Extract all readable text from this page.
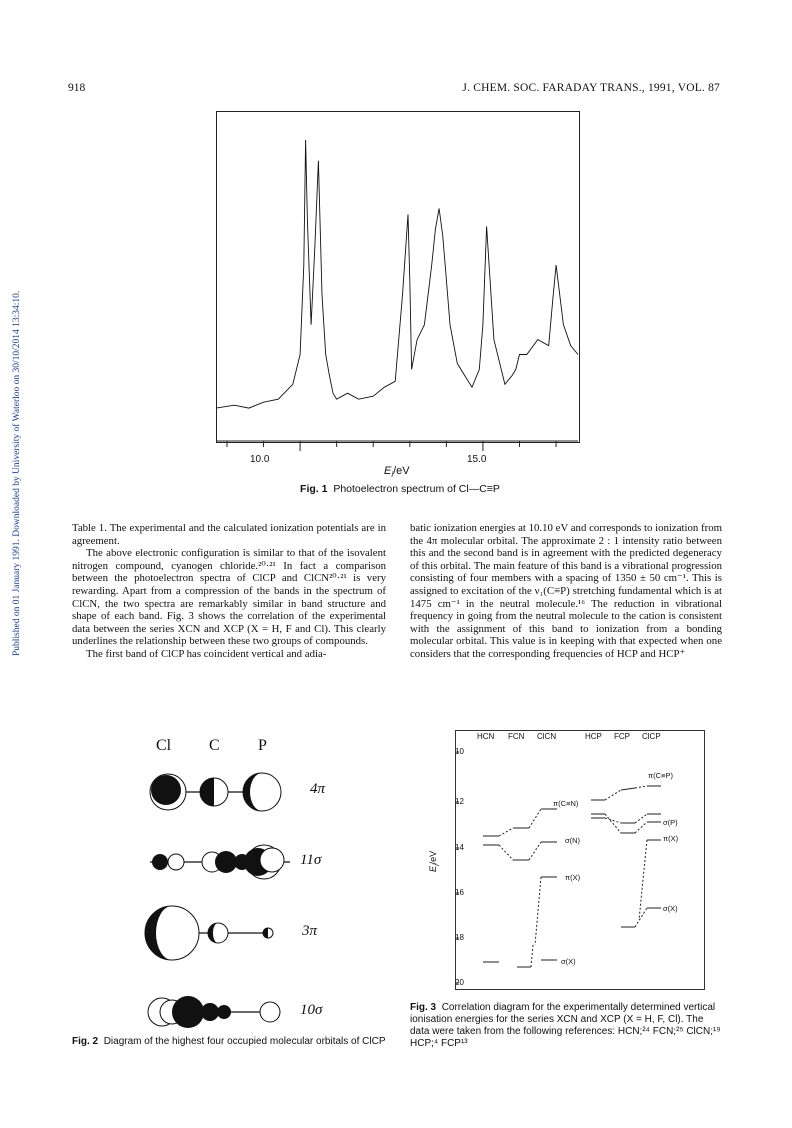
918	J. CHEM. SOC. FARADAY TRANS., 1991, VOL. 87
Published on 01 January 1991. Downloaded by University of Waterloo on 30/10/2014 13:34:10.	10.0	15.0
$E_i/eV$
Fig. 1 Photoelectron spectrum of Cl—C≡P

Table 1. The experimental and the calculated ionization potentials are in agreement.

The above electronic configuration is similar to that of the isovalent nitrogen compound, cyanogen chloride.²⁰·²¹ In fact a comparison between the photoelectron spectra of ClCP and ClCN²⁰·²¹ is very rewarding. Apart from a compression of the bands in the spectrum of ClCN, the two spectra are remarkably similar in band structure and shape of each band. Fig. 3 shows the correlation of the experimental data between the series XCN and XCP (X = H, F and Cl). This clearly underlines the relationship between these two groups of compounds.

The first band of ClCP has coincident vertical and adia-

batic ionization energies at 10.10 eV and corresponds to ionization from the 4π molecular orbital. The approximate 2 : 1 intensity ratio between this and the second band is in agreement with the predicted degeneracy of this orbital. The main feature of this band is a vibrational progression consisting of four members with a spacing of 1350 ± 50 cm⁻¹. This is assigned to excitation of the ν₁(C≡P) stretching fundamental which is at 1475 cm⁻¹ in the neutral molecule.¹⁶ The reduction in vibrational frequency in going from the neutral molecule to the cation is consistent with the assignment of this band to ionization from a bonding molecular orbital. This value is in keeping with that expected when one considers that the corresponding frequencies of HCP and HCP⁺

Cl C P
4π
11σ
3π
10σ
Fig. 2 Diagram of the highest four occupied molecular orbitals of ClCP
HCN FCN ClCN	HCP FCP ClCP
10
12
14
16
18
20
$E_i/eV$
π(C≡P)
π(C≡N)
σ(P)
π(X)
σ(N)
π(X)
σ(X)
σ(X)
Fig. 3 Correlation diagram for the experimentally determined vertical ionisation energies for the series XCN and XCP (X = H, F, Cl). The data were taken from the following references: HCN;²⁴ FCN;²⁵ ClCN;¹⁹ HCP;⁴ FCP¹³
